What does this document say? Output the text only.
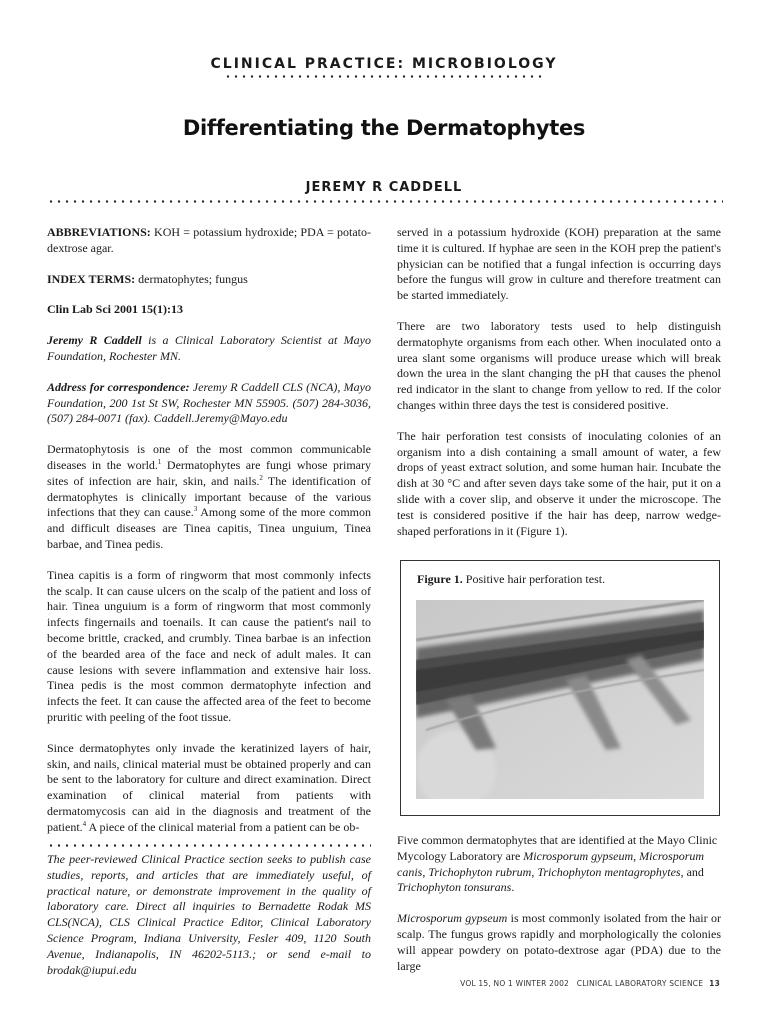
CLINICAL PRACTICE: MICROBIOLOGY
Differentiating the Dermatophytes
JEREMY R CADDELL

ABBREVIATIONS: KOH = potassium hydroxide; PDA = potato-dextrose agar.

INDEX TERMS: dermatophytes; fungus

Clin Lab Sci 2001 15(1):13

Jeremy R Caddell is a Clinical Laboratory Scientist at Mayo Foundation, Rochester MN.

Address for correspondence: Jeremy R Caddell CLS (NCA), Mayo Foundation, 200 1st St SW, Rochester MN 55905. (507) 284-3036, (507) 284-0071 (fax). Caddell.Jeremy@Mayo.edu

Dermatophytosis is one of the most common communicable diseases in the world.$^1$ Dermatophytes are fungi whose primary sites of infection are hair, skin, and nails.$^2$ The identification of dermatophytes is clinically important because of the various infections that they can cause.$^3$ Among some of the more common and difficult diseases are Tinea capitis, Tinea unguium, Tinea barbae, and Tinea pedis.

Tinea capitis is a form of ringworm that most commonly infects the scalp. It can cause ulcers on the scalp of the patient and loss of hair. Tinea unguium is a form of ringworm that most commonly infects fingernails and toenails. It can cause the patient's nail to become brittle, cracked, and crumbly. Tinea barbae is an infection of the bearded area of the face and neck of adult males. It can cause lesions with severe inflammation and extensive hair loss. Tinea pedis is the most common dermatophyte infection and infects the feet. It can cause the affected area of the feet to become pruritic with peeling of the foot tissue.

Since dermatophytes only invade the keratinized layers of hair, skin, and nails, clinical material must be obtained properly and can be sent to the laboratory for culture and direct examination. Direct examination of clinical material from patients with dermatomycosis can aid in the diagnosis and treatment of the patient.$^4$ A piece of the clinical material from a patient can be ob-

The peer-reviewed Clinical Practice section seeks to publish case studies, reports, and articles that are immediately useful, of practical nature, or demonstrate improvement in the quality of laboratory care. Direct all inquiries to Bernadette Rodak MS CLS(NCA), CLS Clinical Practice Editor, Clinical Laboratory Science Program, Indiana University, Fesler 409, 1120 South Avenue, Indianapolis, IN 46202-5113.; or send e-mail to brodak@iupui.edu

served in a potassium hydroxide (KOH) preparation at the same time it is cultured. If hyphae are seen in the KOH prep the patient's physician can be notified that a fungal infection is occurring days before the fungus will grow in culture and therefore treatment can be started immediately.

There are two laboratory tests used to help distinguish dermatophyte organisms from each other. When inoculated onto a urea slant some organisms will produce urease which will break down the urea in the slant changing the pH that causes the phenol red indicator in the slant to change from yellow to red. If the color changes within three days the test is considered positive.

The hair perforation test consists of inoculating colonies of an organism into a dish containing a small amount of water, a few drops of yeast extract solution, and some human hair. Incubate the dish at 30 °C and after seven days take some of the hair, put it on a slide with a cover slip, and observe it under the microscope. The test is considered positive if the hair has deep, narrow wedge-shaped perforations in it (Figure 1).

Figure 1. Positive hair perforation test.

Five common dermatophytes that are identified at the Mayo Clinic Mycology Laboratory are Microsporum gypseum, Microsporum canis, Trichophyton rubrum, Trichophyton mentagrophytes, and Trichophyton tonsurans.

Microsporum gypseum is most commonly isolated from the hair or scalp. The fungus grows rapidly and morphologically the colonies will appear powdery on potato-dextrose agar (PDA) due to the large

VOL 15, NO 1 WINTER 2002 CLINICAL LABORATORY SCIENCE 13
